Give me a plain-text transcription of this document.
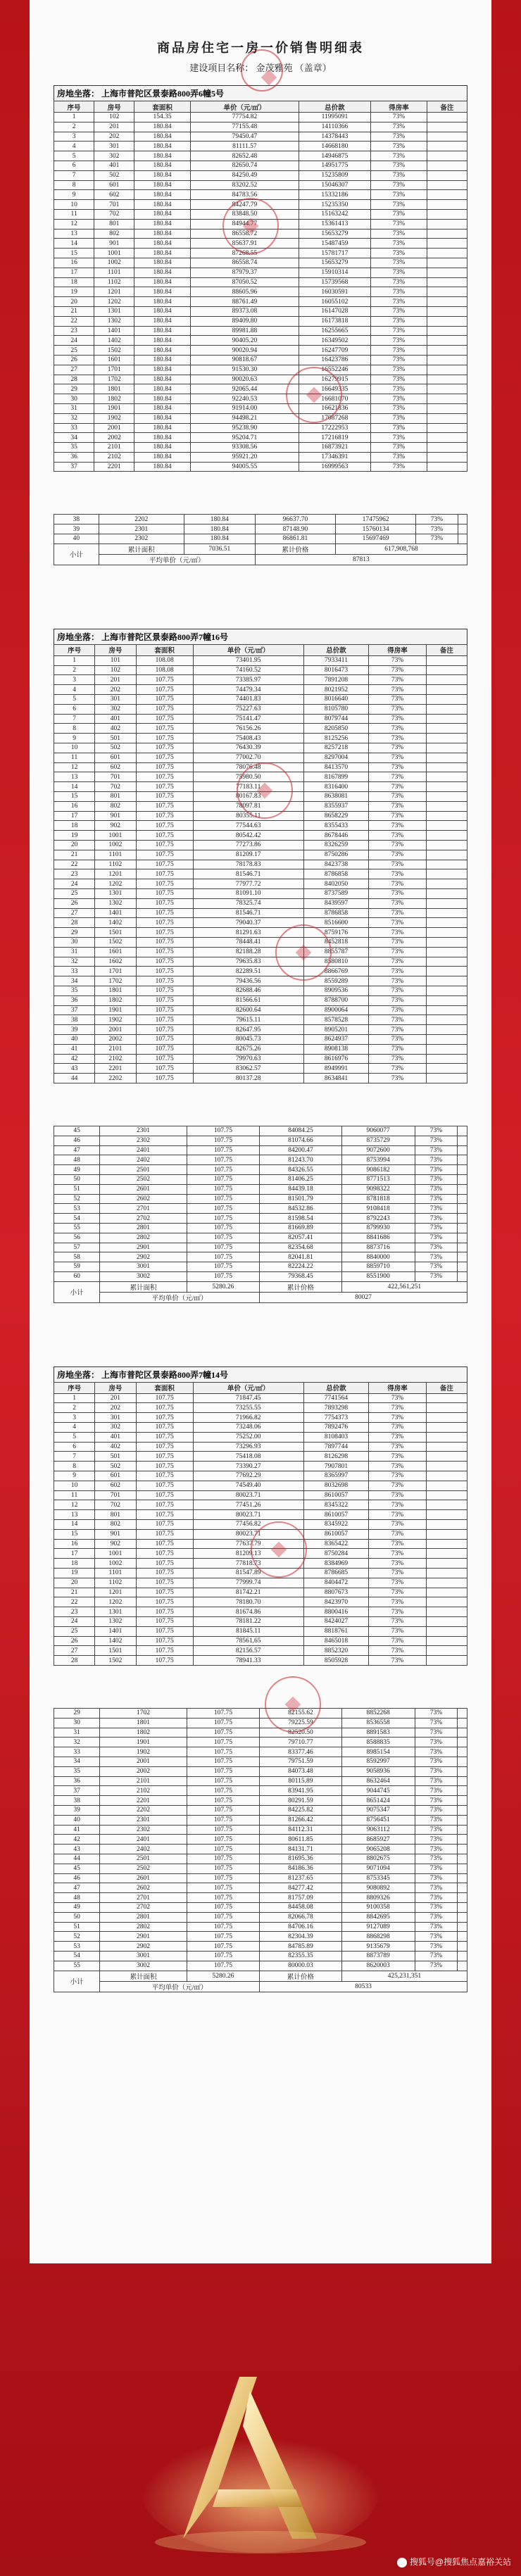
商品房住宅一房一价销售明细表
建设项目名称： 金茂雅苑 （盖章）
房地坐落： 上海市普陀区景泰路800弄6幢5号
序号	房号	套面积	单价（元/㎡）	总价款	得房率	备注
1	102	154.35	77754.82	11995091	73%	
2	201	180.84	77155.48	14110366	73%	
3	202	180.84	79450.47	14378443	73%	
4	301	180.84	81111.57	14668180	73%	
5	302	180.84	82652.48	14946875	73%	
6	401	180.84	82650.74	14951775	73%	
7	502	180.84	84250.49	15235809	73%	
8	601	180.84	83202.52	15046307	73%	
9	602	180.84	84783.56	15332186	73%	
10	701	180.84	84247.79	15235350	73%	
11	702	180.84	83848.50	15163242	73%	
12	801	180.84	84944.77	15361413	73%	
13	802	180.84	86558.72	15653279	73%	
14	901	180.84	85637.91	15487459	73%	
15	1001	180.84	87268.55	15781717	73%	
16	1002	180.84	86558.74	15653279	73%	
17	1101	180.84	87979.37	15910314	73%	
18	1102	180.84	87050.52	15739568	73%	
19	1201	180.84	88605.96	16030591	73%	
20	1202	180.84	88761.49	16055102	73%	
21	1301	180.84	89373.08	16147028	73%	
22	1302	180.84	89409.80	16173818	73%	
23	1401	180.84	89981.88	16255665	73%	
24	1402	180.84	90405.20	16349502	73%	
25	1502	180.84	90020.94	16247709	73%	
26	1601	180.84	90818.67	16423786	73%	
27	1701	180.84	91530.30	16552246	73%	
28	1702	180.84	90020.63	16279915	73%	
29	1801	180.84	92065.44	16649335	73%	
30	1802	180.84	92240.53	16681070	73%	
31	1901	180.84	91914.00	16621836	73%	
32	1902	180.84	94498.21	17087268	73%	
33	2001	180.84	95238.90	17222953	73%	
34	2002	180.84	95204.71	17216819	73%	
35	2101	180.84	93308.56	16873921	73%	
36	2102	180.84	95921.20	17346391	73%	
37	2201	180.84	94005.55	16999563	73%	
38	2202	180.84	96637.70	17475962	73%	
39	2301	180.84	87148.90	15760134	73%	
40	2302	180.84	86861.81	15697469	73%	
小计	累计面积	7036.51	累计价格	617,908,768		
	平均单价（元/㎡）		87813			
房地坐落： 上海市普陀区景泰路800弄7幢16号
序号	房号	套面积	单价（元/㎡）	总价款	得房率	备注
1	101	108.08	73401.95	7933411	73%	
2	102	108.08	74160.52	8016473	73%	
3	201	107.75	73385.97	7891208	73%	
4	202	107.75	74479.34	8021952	73%	
5	301	107.75	74401.83	8016640	73%	
6	302	107.75	75227.63	8105780	73%	
7	401	107.75	75141.47	8079744	73%	
8	402	107.75	76156.26	8205850	73%	
9	501	107.75	75408.43	8125256	73%	
10	502	107.75	76430.39	8257218	73%	
11	601	107.75	77002.70	8297004	73%	
12	602	107.75	78076.48	8413570	73%	
13	701	107.75	75980.50	8167899	73%	
14	702	107.75	77183.11	8316400	73%	
15	801	107.75	80167.83	8638081	73%	
16	802	107.75	78097.81	8355937	73%	
17	901	107.75	80355.11	8658229	73%	
18	902	107.75	77544.63	8355433	73%	
19	1001	107.75	80542.42	8678446	73%	
20	1002	107.75	77273.86	8326259	73%	
21	1101	107.75	81209.17	8750286	73%	
22	1102	107.75	78178.83	8423738	73%	
23	1201	107.75	81546.71	8786858	73%	
24	1202	107.75	77977.72	8402050	73%	
25	1301	107.75	81091.10	8737589	73%	
26	1302	107.75	78325.74	8439597	73%	
27	1401	107.75	81546.71	8786858	73%	
28	1402	107.75	79040.37	8516600	73%	
29	1501	107.75	81291.63	8759176	73%	
30	1502	107.75	78448.41	8452818	73%	
31	1601	107.75	82188.28	8855787	73%	
32	1602	107.75	79635.83	8580810	73%	
33	1701	107.75	82289.51	8866769	73%	
34	1702	107.75	79436.56	8559289	73%	
35	1801	107.75	82688.46	8909536	73%	
36	1802	107.75	81566.61	8788700	73%	
37	1901	107.75	82600.64	8900064	73%	
38	1902	107.75	79615.11	8578528	73%	
39	2001	107.75	82647.95	8905201	73%	
40	2002	107.75	80045.73	8624937	73%	
41	2101	107.75	82675.26	8908138	73%	
42	2102	107.75	79970.63	8616976	73%	
43	2201	107.75	83062.57	8949991	73%	
44	2202	107.75	80137.28	8634841	73%	
45	2301	107.75	84084.25	9060077	73%	
46	2302	107.75	81074.66	8735729	73%	
47	2401	107.75	84200.47	9072600	73%	
48	2402	107.75	81243.70	8753994	73%	
49	2501	107.75	84326.55	9086182	73%	
50	2502	107.75	81406.25	8771513	73%	
51	2601	107.75	84439.18	9098322	73%	
52	2602	107.75	81501.79	8781818	73%	
53	2701	107.75	84532.86	9108418	73%	
54	2702	107.75	81598.54	8792243	73%	
55	2801	107.75	81669.89	8799930	73%	
56	2802	107.75	82057.41	8841686	73%	
57	2901	107.75	82354.68	8873716	73%	
58	2902	107.75	82041.81	8840000	73%	
59	3001	107.75	82224.22	8859710	73%	
60	3002	107.75	79368.45	8551900	73%	
小计	累计面积	5280.26	累计价格	422,561,251		
	平均单价（元/㎡）		80027			
房地坐落： 上海市普陀区景泰路800弄7幢14号
序号	房号	套面积	单价（元/㎡）	总价款	得房率	备注
1	201	107.75	71847.45	7741564	73%	
2	202	107.75	73255.55	7893298	73%	
3	301	107.75	71966.82	7754373	73%	
4	302	107.75	73248.06	7892476	73%	
5	401	107.75	75252.00	8108403	73%	
6	402	107.75	73296.93	7897744	73%	
7	501	107.75	75418.08	8126298	73%	
8	502	107.75	73390.27	7907801	73%	
9	601	107.75	77692.29	8365997	73%	
10	602	107.75	74549.40	8032698	73%	
11	701	107.75	80023.71	8610057	73%	
12	702	107.75	77451.26	8345322	73%	
13	801	107.75	80023.71	8610057	73%	
14	802	107.75	77456.82	8345922	73%	
15	901	107.75	80023.71	8610057	73%	
16	902	107.75	77637.79	8365422	73%	
17	1001	107.75	81209.13	8750284	73%	
18	1002	107.75	77818.73	8384969	73%	
19	1101	107.75	81547.89	8786685	73%	
20	1102	107.75	77999.74	8404472	73%	
21	1201	107.75	81742.21	8807673	73%	
22	1202	107.75	78180.70	8423970	73%	
23	1301	107.75	81674.86	8800416	73%	
24	1302	107.75	78181.22	8424027	73%	
25	1401	107.75	81845.11	8818761	73%	
26	1402	107.75	78561.65	8465018	73%	
27	1501	107.75	82156.57	8852320	73%	
28	1502	107.75	78941.33	8505928	73%	
29	1702	107.75	82155.62	8852268	73%	
30	1801	107.75	79225.59	8536558	73%	
31	1802	107.75	82520.50	8891583	73%	
32	1901	107.75	79710.77	8588835	73%	
33	1902	107.75	83377.46	8985154	73%	
34	2001	107.75	79751.59	8592997	73%	
35	2002	107.75	84073.48	9058936	73%	
36	2101	107.75	80115.89	8632464	73%	
37	2102	107.75	83941.95	9044745	73%	
38	2201	107.75	80291.59	8651424	73%	
39	2202	107.75	84225.82	9075347	73%	
40	2301	107.75	81266.42	8756451	73%	
41	2302	107.75	84112.31	9063112	73%	
42	2401	107.75	80611.85	8685927	73%	
43	2402	107.75	84131.71	9065208	73%	
44	2501	107.75	81695.36	8802675	73%	
45	2502	107.75	84186.36	9071094	73%	
46	2601	107.75	81237.65	8753345	73%	
47	2602	107.75	84277.42	9080892	73%	
48	2701	107.75	81757.09	8809326	73%	
49	2702	107.75	84458.08	9100358	73%	
50	2801	107.75	82066.78	8842695	73%	
51	2802	107.75	84706.16	9127089	73%	
52	2901	107.75	82304.39	8868298	73%	
53	2902	107.75	84785.89	9135679	73%	
54	3001	107.75	82355.35	8873789	73%	
55	3002	107.75	80000.03	8620003	73%	
小计	累计面积	5280.26	累计价格	425,231,351		
	平均单价（元/㎡）		80533			
搜狐号@搜狐焦点嘉裕关站
